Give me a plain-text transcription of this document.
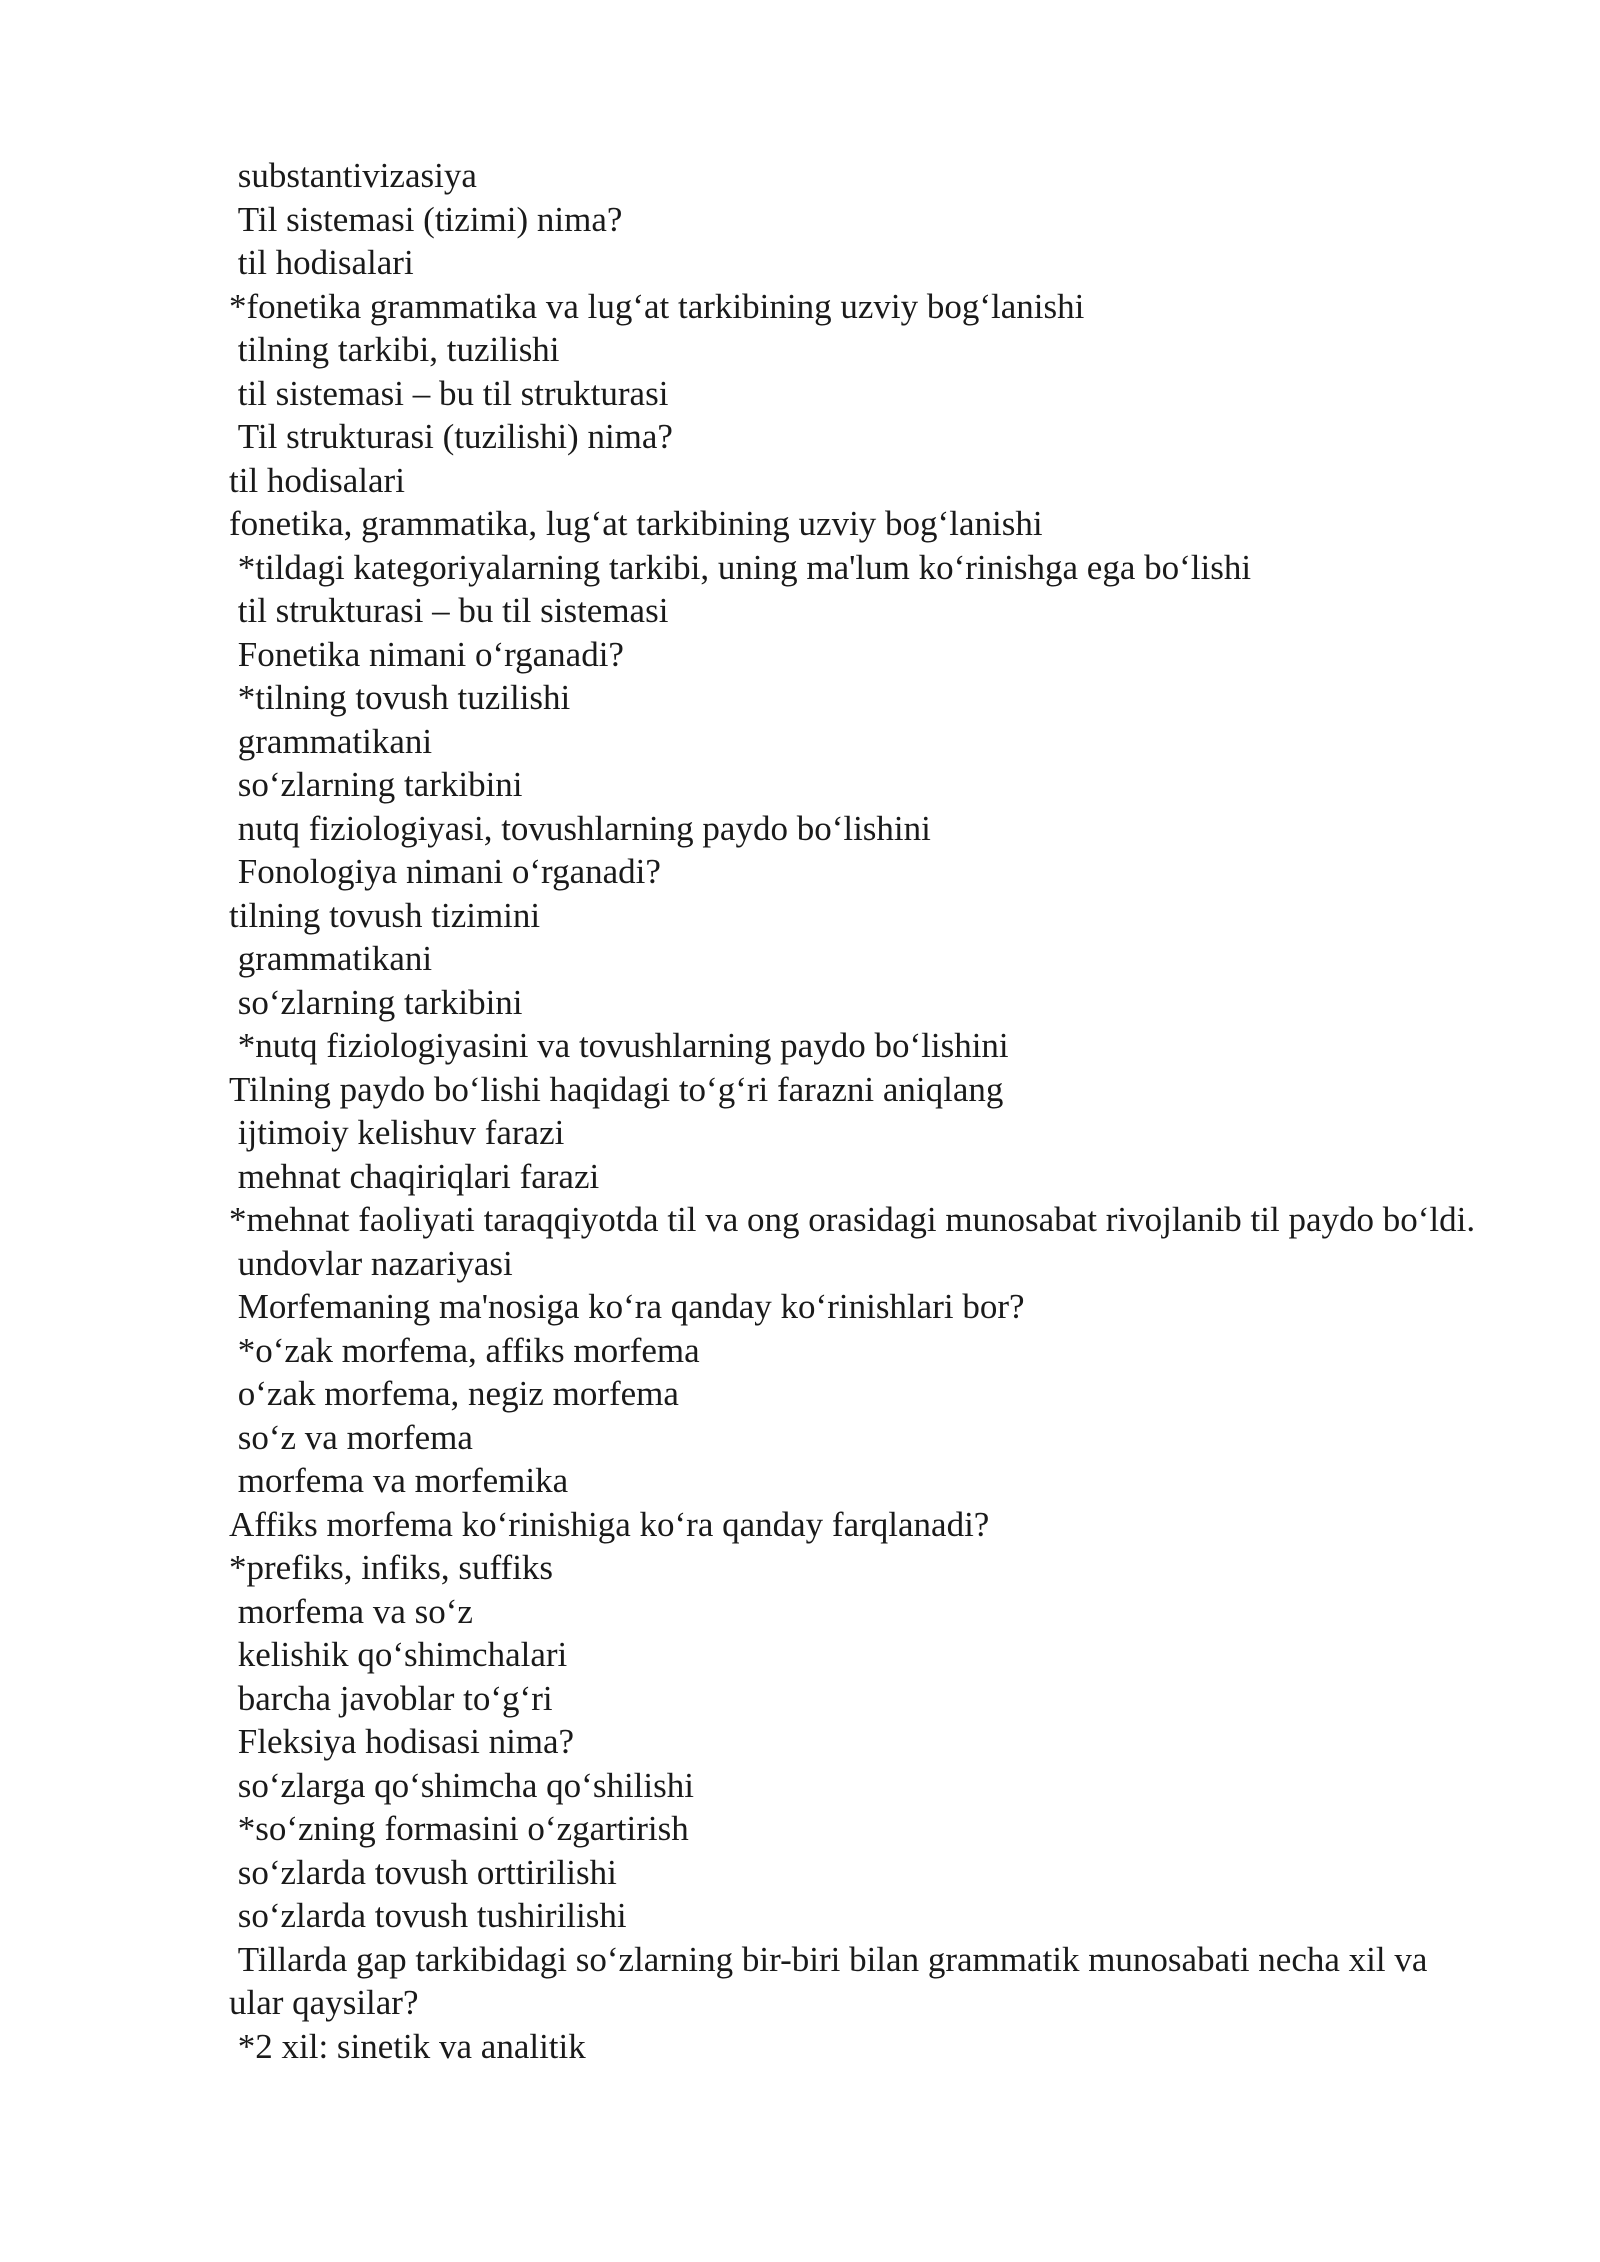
substantivizasiya

Til sistemasi (tizimi) nima?

til hodisalari

*fonetika grammatika va lug‘at tarkibining uzviy bog‘lanishi

tilning tarkibi, tuzilishi

til sistemasi – bu til strukturasi

Til strukturasi (tuzilishi) nima?

til hodisalari

fonetika, grammatika, lug‘at tarkibining uzviy bog‘lanishi

*tildagi kategoriyalarning tarkibi, uning ma'lum ko‘rinishga ega bo‘lishi

til strukturasi – bu til sistemasi

Fonetika nimani o‘rganadi?

*tilning tovush tuzilishi

grammatikani

so‘zlarning tarkibini

nutq fiziologiyasi, tovushlarning paydo bo‘lishini

Fonologiya nimani o‘rganadi?

tilning tovush tizimini

grammatikani

so‘zlarning tarkibini

*nutq fiziologiyasini va tovushlarning paydo bo‘lishini

Tilning paydo bo‘lishi haqidagi to‘g‘ri farazni aniqlang

ijtimoiy kelishuv farazi

mehnat chaqiriqlari farazi

*mehnat faoliyati taraqqiyotda til va ong orasidagi munosabat rivojlanib til paydo bo‘ldi.

undovlar nazariyasi

Morfemaning ma'nosiga ko‘ra qanday ko‘rinishlari bor?

*o‘zak morfema, affiks morfema

o‘zak morfema, negiz morfema

so‘z va morfema

morfema va morfemika

Affiks morfema ko‘rinishiga ko‘ra qanday farqlanadi?

*prefiks, infiks, suffiks

morfema va so‘z

kelishik qo‘shimchalari

barcha javoblar to‘g‘ri

Fleksiya hodisasi nima?

so‘zlarga qo‘shimcha qo‘shilishi

*so‘zning formasini o‘zgartirish

so‘zlarda tovush orttirilishi

so‘zlarda tovush tushirilishi

Tillarda gap tarkibidagi so‘zlarning bir-biri bilan grammatik munosabati necha xil va ular qaysilar?

*2 xil: sinetik va analitik
